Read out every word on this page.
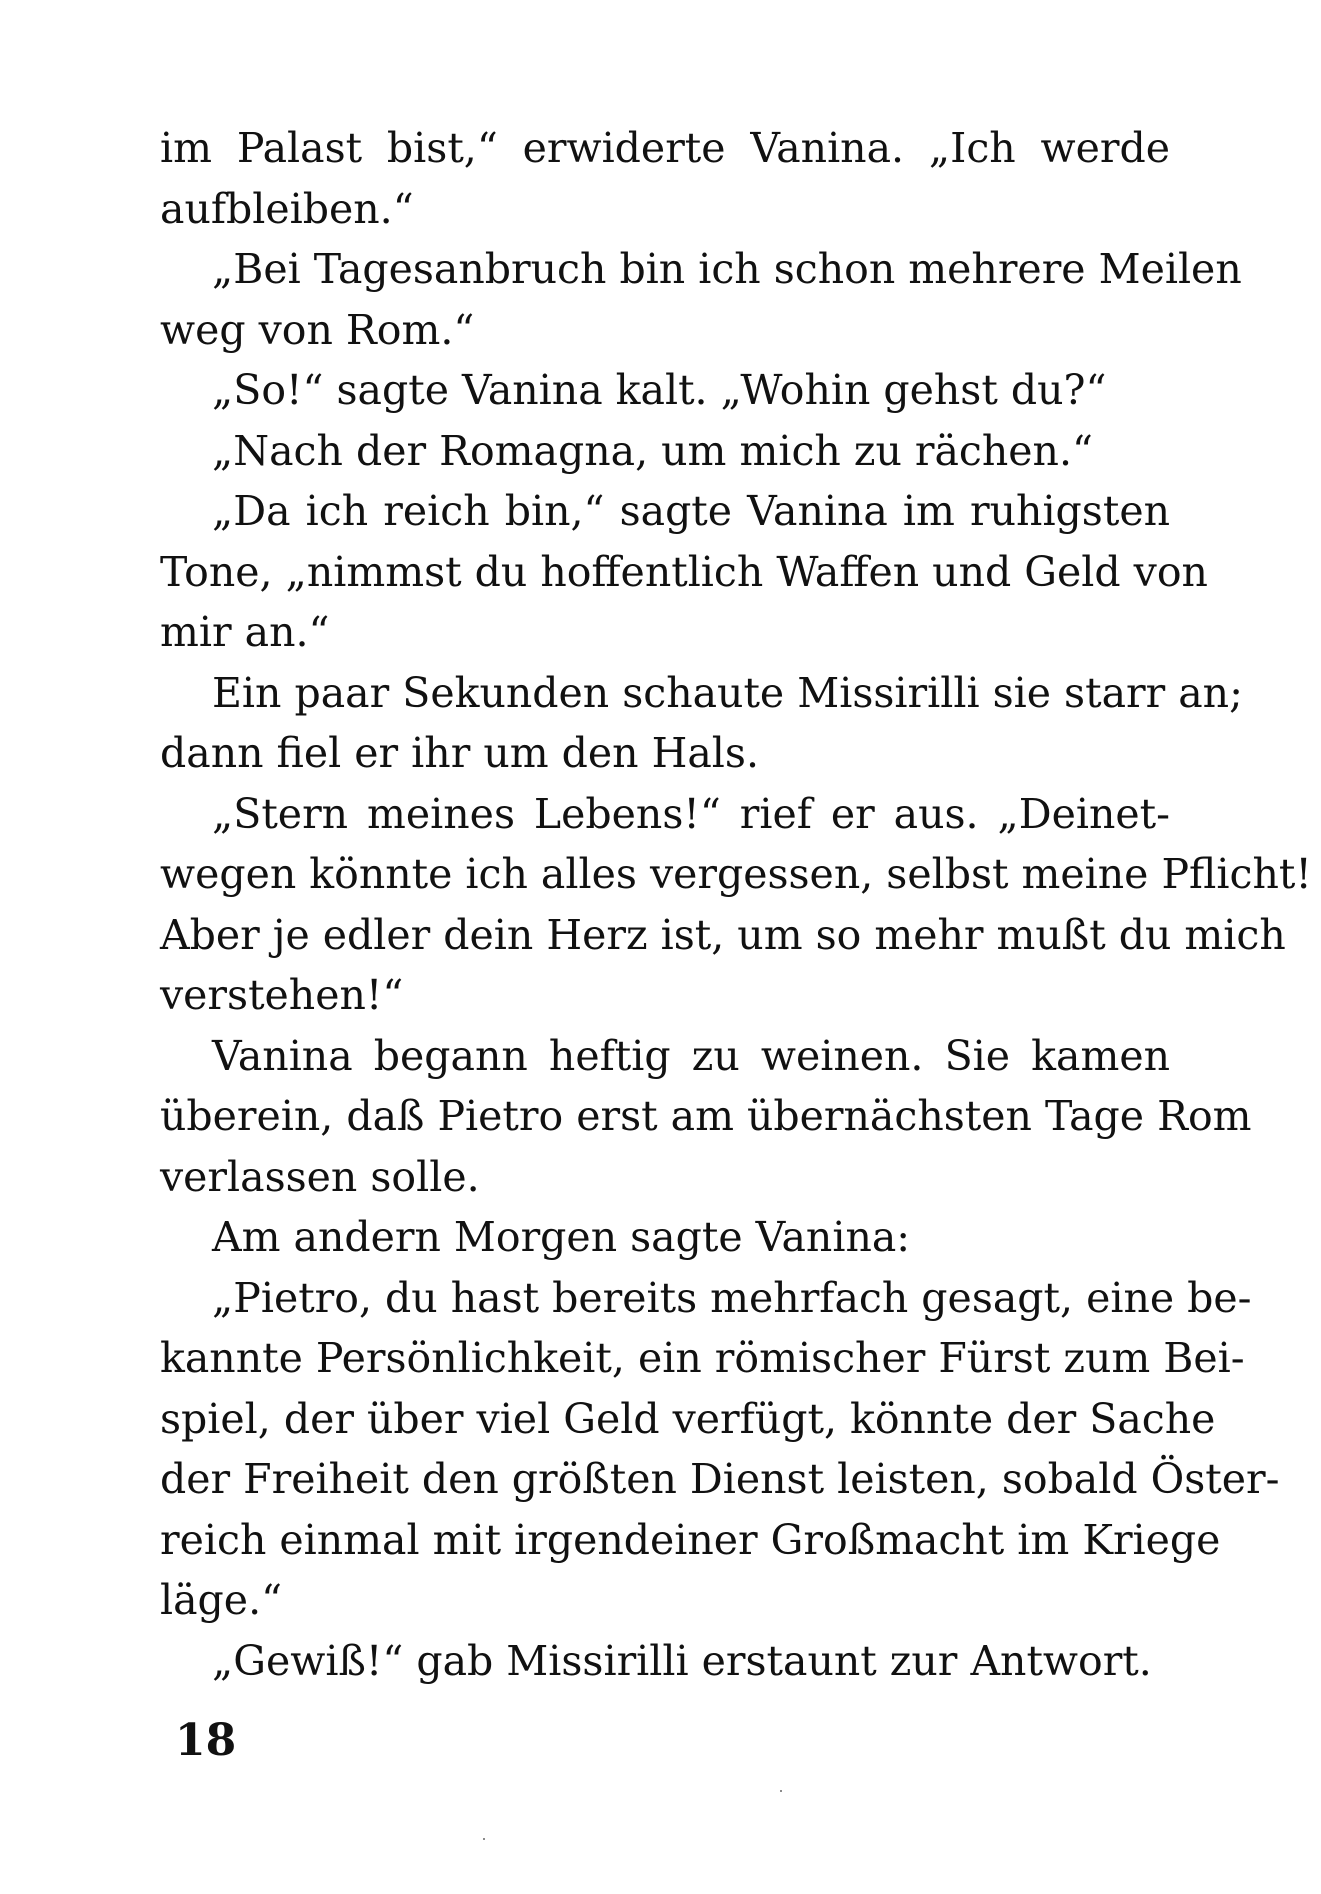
im Palast bist,“ erwiderte Vanina. „Ich werde
aufbleiben.“
„Bei Tagesanbruch bin ich schon mehrere Meilen
weg von Rom.“
„So!“ sagte Vanina kalt. „Wohin gehst du?“
„Nach der Romagna, um mich zu rächen.“
„Da ich reich bin,“ sagte Vanina im ruhigsten
Tone, „nimmst du hoffentlich Waffen und Geld von
mir an.“
Ein paar Sekunden schaute Missirilli sie starr an;
dann fiel er ihr um den Hals.
„Stern meines Lebens!“ rief er aus. „Deinet-
wegen könnte ich alles vergessen, selbst meine Pflicht!
Aber je edler dein Herz ist, um so mehr mußt du mich
verstehen!“
Vanina begann heftig zu weinen. Sie kamen
überein, daß Pietro erst am übernächsten Tage Rom
verlassen solle.
Am andern Morgen sagte Vanina:
„Pietro, du hast bereits mehrfach gesagt, eine be-
kannte Persönlichkeit, ein römischer Fürst zum Bei-
spiel, der über viel Geld verfügt, könnte der Sache
der Freiheit den größten Dienst leisten, sobald Öster-
reich einmal mit irgendeiner Großmacht im Kriege
läge.“
„Gewiß!“ gab Missirilli erstaunt zur Antwort.
18
